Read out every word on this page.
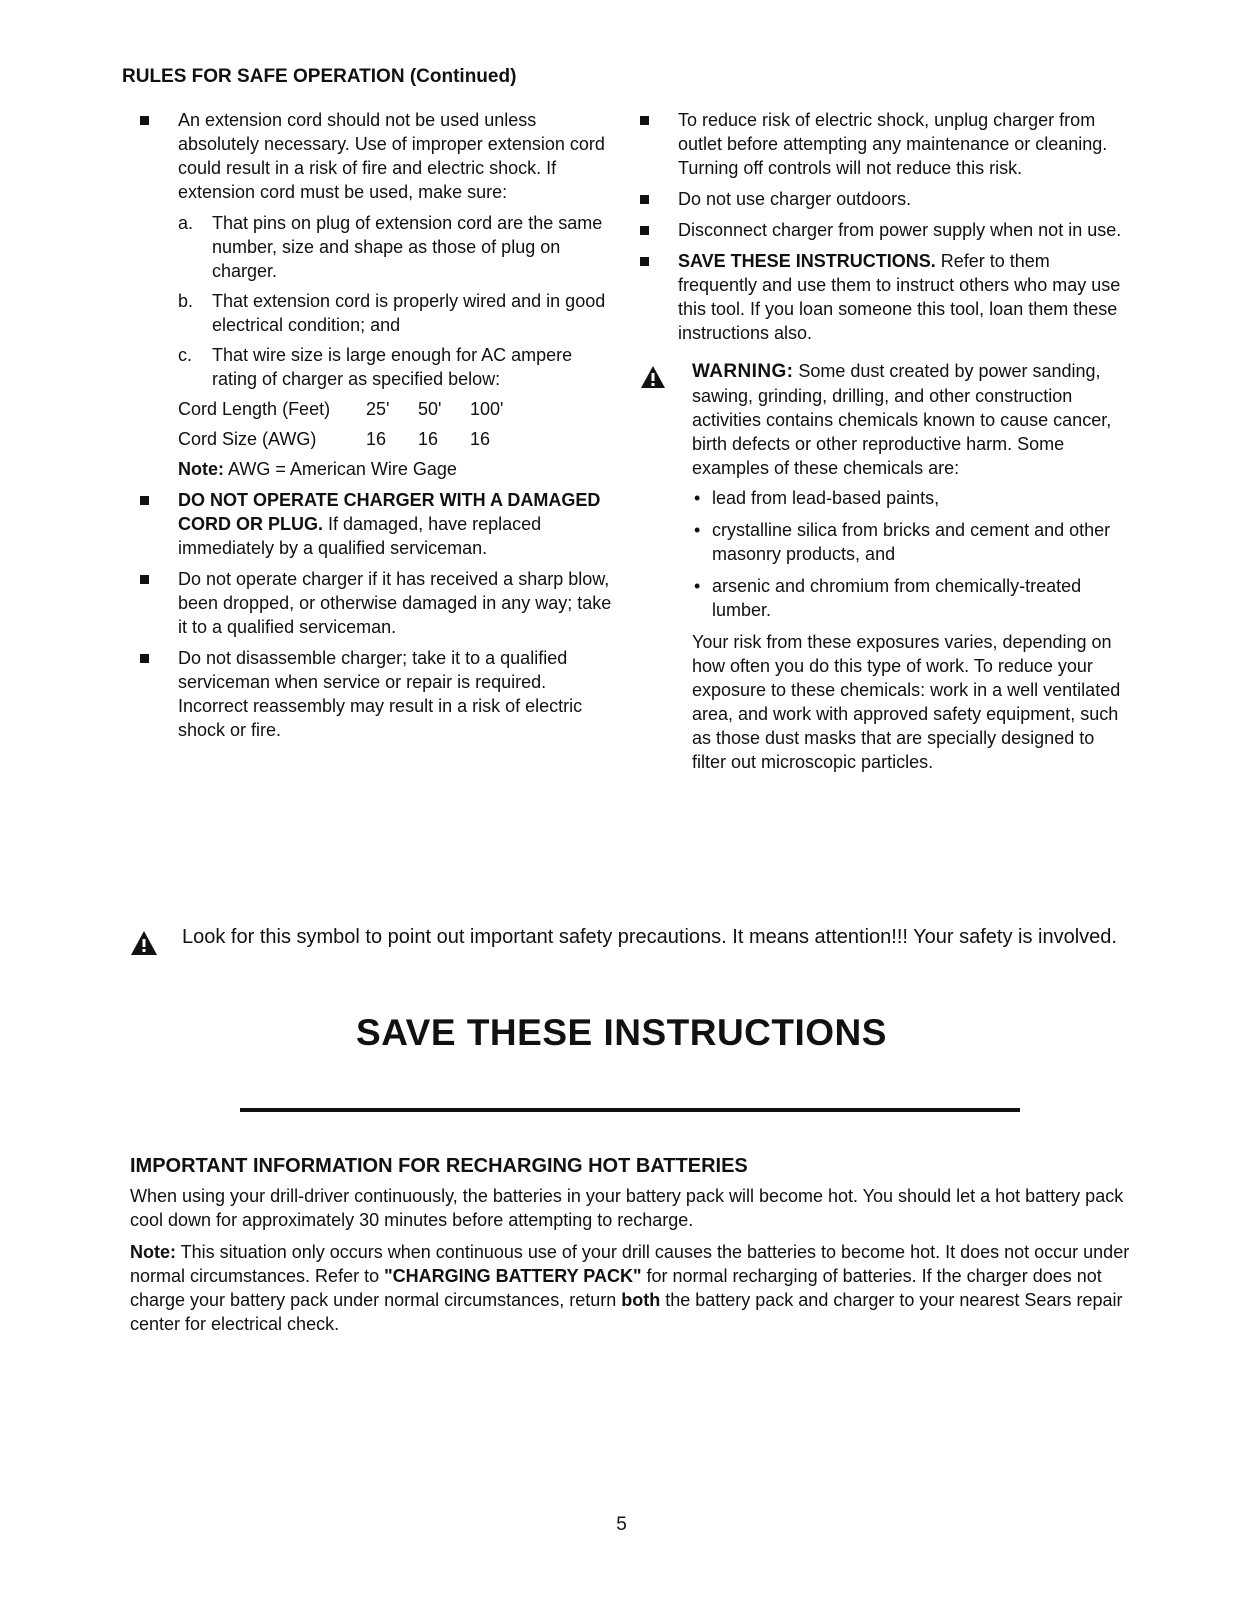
RULES FOR SAFE OPERATION (Continued)
An extension cord should not be used unless absolutely necessary. Use of improper extension cord could result in a risk of fire and electric shock. If extension cord must be used, make sure:
a. That pins on plug of extension cord are the same number, size and shape as those of plug on charger.
b. That extension cord is properly wired and in good electrical condition; and
c. That wire size is large enough for AC ampere rating of charger as specified below:
Cord Length (Feet)	25'	50'	100'
Cord Size (AWG)	16	16	16
Note: AWG = American Wire Gage
DO NOT OPERATE CHARGER WITH A DAMAGED CORD OR PLUG. If damaged, have replaced immediately by a qualified serviceman.
Do not operate charger if it has received a sharp blow, been dropped, or otherwise damaged in any way; take it to a qualified serviceman.
Do not disassemble charger; take it to a qualified serviceman when service or repair is required. Incorrect reassembly may result in a risk of electric shock or fire.
To reduce risk of electric shock, unplug charger from outlet before attempting any maintenance or cleaning. Turning off controls will not reduce this risk.
Do not use charger outdoors.
Disconnect charger from power supply when not in use.
SAVE THESE INSTRUCTIONS. Refer to them frequently and use them to instruct others who may use this tool. If you loan someone this tool, loan them these instructions also.
WARNING: Some dust created by power sanding, sawing, grinding, drilling, and other construction activities contains chemicals known to cause cancer, birth defects or other reproductive harm. Some examples of these chemicals are:
• lead from lead-based paints,
• crystalline silica from bricks and cement and other masonry products, and
• arsenic and chromium from chemically-treated lumber.
Your risk from these exposures varies, depending on how often you do this type of work. To reduce your exposure to these chemicals: work in a well ventilated area, and work with approved safety equipment, such as those dust masks that are specially designed to filter out microscopic particles.
Look for this symbol to point out important safety precautions. It means attention!!! Your safety is involved.
SAVE THESE INSTRUCTIONS
IMPORTANT INFORMATION FOR RECHARGING HOT BATTERIES

When using your drill-driver continuously, the batteries in your battery pack will become hot. You should let a hot battery pack cool down for approximately 30 minutes before attempting to recharge.

Note: This situation only occurs when continuous use of your drill causes the batteries to become hot. It does not occur under normal circumstances. Refer to "CHARGING BATTERY PACK" for normal recharging of batteries. If the charger does not charge your battery pack under normal circumstances, return both the battery pack and charger to your nearest Sears repair center for electrical check.

5
